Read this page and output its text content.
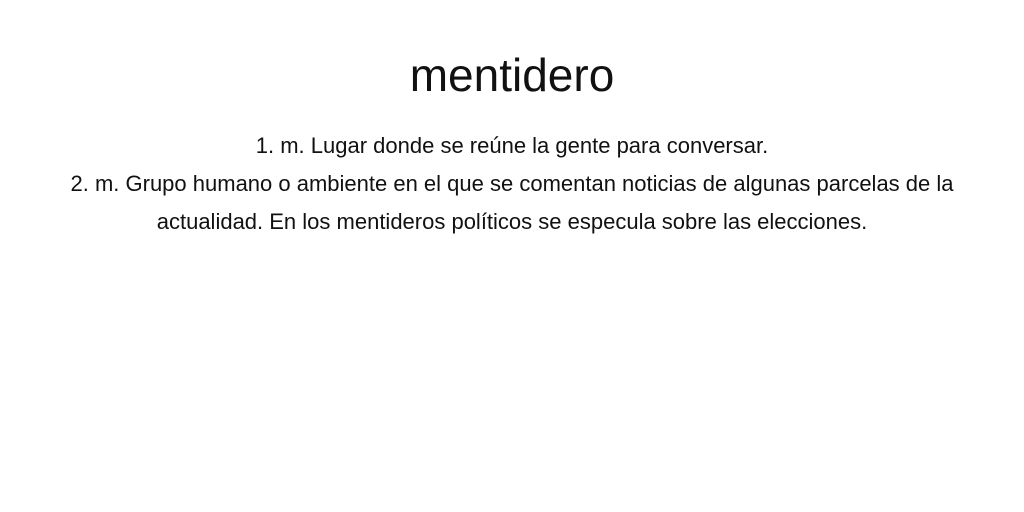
mentidero

1. m. Lugar donde se reúne la gente para conversar.

2. m. Grupo humano o ambiente en el que se comentan noticias de algunas parcelas de la actualidad. En los mentideros políticos se especula sobre las elecciones.
